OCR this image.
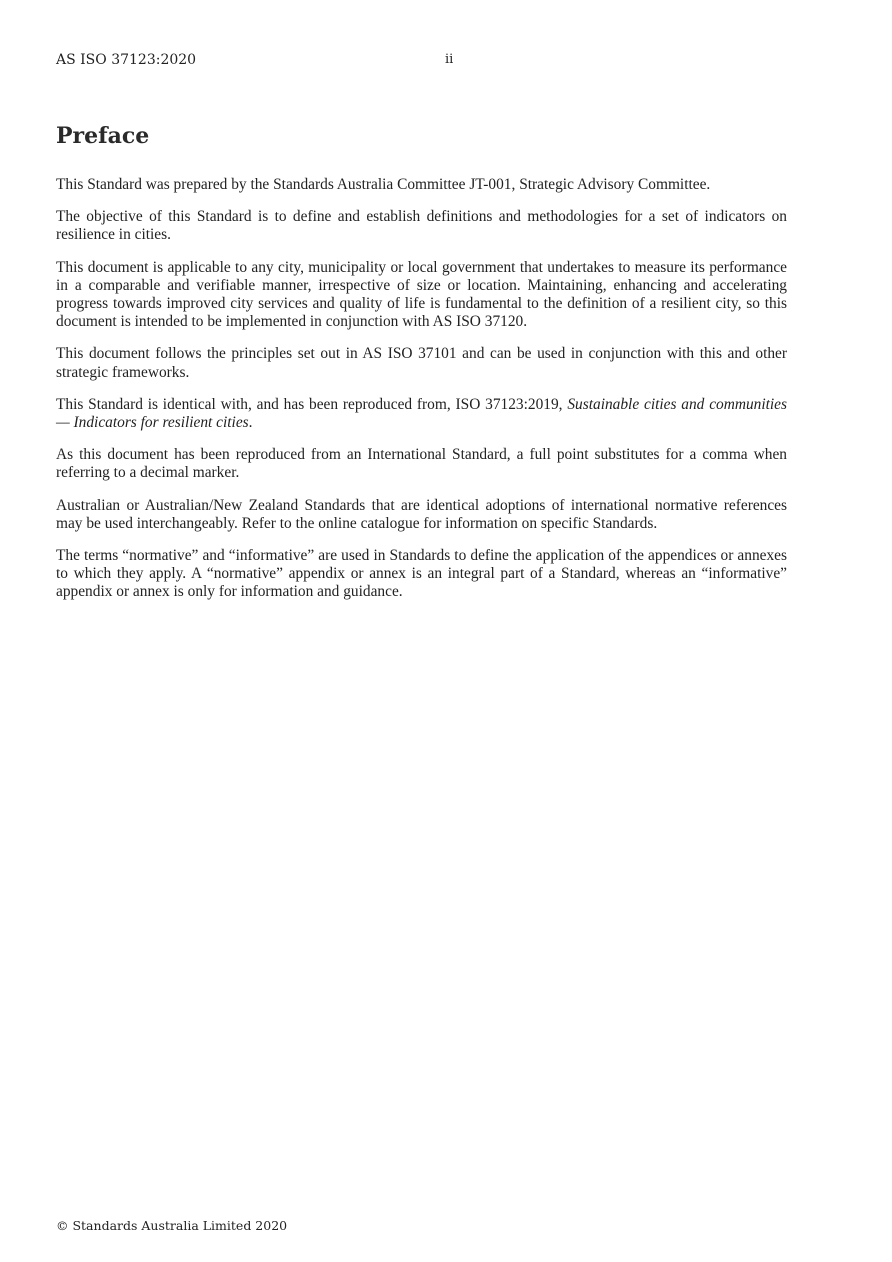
AS ISO 37123:2020	ii
Preface

This Standard was prepared by the Standards Australia Committee JT-001, Strategic Advisory Committee.

The objective of this Standard is to define and establish definitions and methodologies for a set of indicators on resilience in cities.

This document is applicable to any city, municipality or local government that undertakes to measure its performance in a comparable and verifiable manner, irrespective of size or location. Maintaining, enhancing and accelerating progress towards improved city services and quality of life is fundamental to the definition of a resilient city, so this document is intended to be implemented in conjunction with AS ISO 37120.

This document follows the principles set out in AS ISO 37101 and can be used in conjunction with this and other strategic frameworks.

This Standard is identical with, and has been reproduced from, ISO 37123:2019, Sustainable cities and communities — Indicators for resilient cities.

As this document has been reproduced from an International Standard, a full point substitutes for a comma when referring to a decimal marker.

Australian or Australian/New Zealand Standards that are identical adoptions of international normative references may be used interchangeably. Refer to the online catalogue for information on specific Standards.

The terms “normative” and “informative” are used in Standards to define the application of the appendices or annexes to which they apply. A “normative” appendix or annex is an integral part of a Standard, whereas an “informative” appendix or annex is only for information and guidance.

© Standards Australia Limited 2020
